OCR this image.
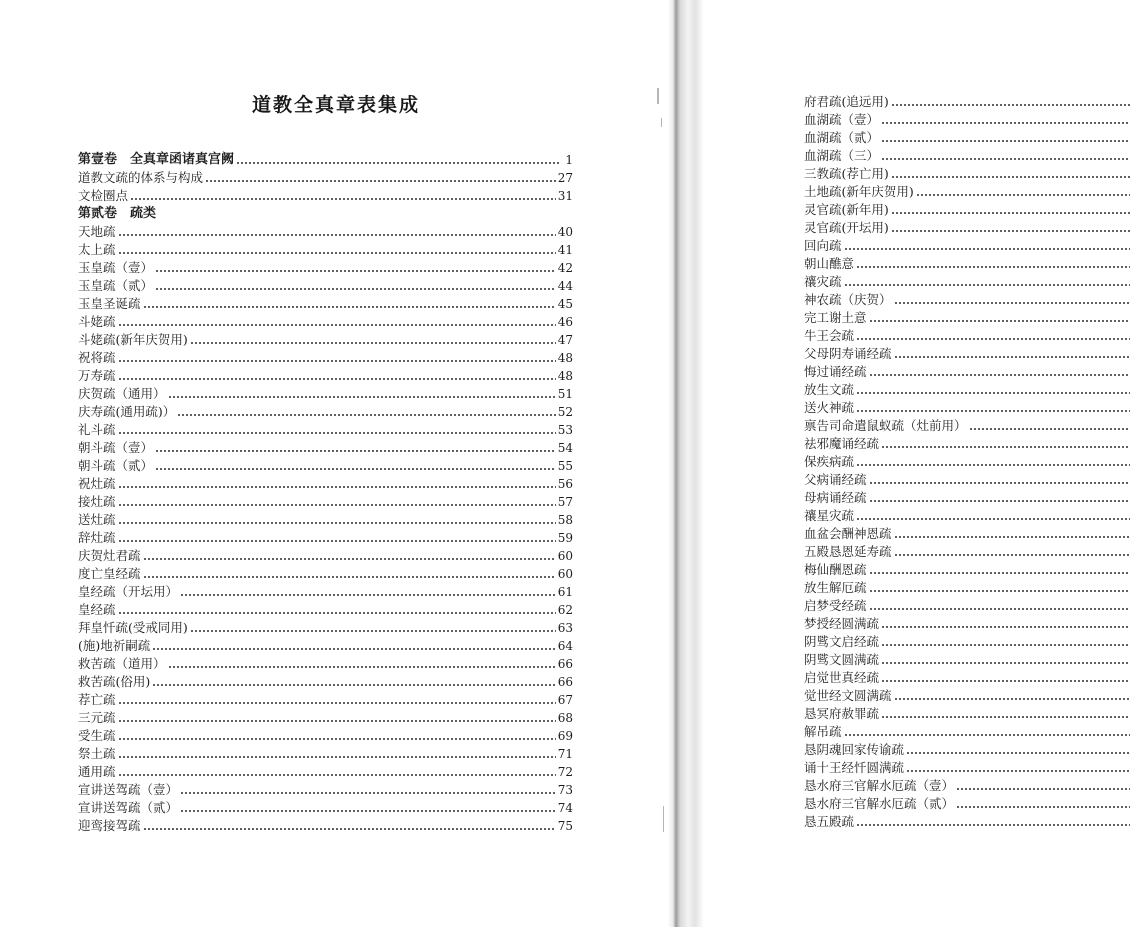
道教全真章表集成
第壹卷　全真章函诸真宫阙	1
道教文疏的体系与构成	27
文检圈点	31
第贰卷　疏类
天地疏	40
太上疏	41
玉皇疏（壹）	42
玉皇疏（贰）	44
玉皇圣诞疏	45
斗姥疏	46
斗姥疏(新年庆贺用)	47
祝将疏	48
万寿疏	48
庆贺疏（通用）	51
庆寿疏(通用疏)）	52
礼斗疏	53
朝斗疏（壹）	54
朝斗疏（贰）	55
祝灶疏	56
接灶疏	57
送灶疏	58
辞灶疏	59
庆贺灶君疏	60
度亡皇经疏	60
皇经疏（开坛用）	61
皇经疏	62
拜皇忏疏(受戒同用)	63
(施)地祈嗣疏	64
救苦疏（道用）	66
救苦疏(俗用)	66
荐亡疏	67
三元疏	68
受生疏	69
祭土疏	71
通用疏	72
宣讲送驾疏（壹）	73
宣讲送驾疏（贰）	74
迎鸾接驾疏	75
府君疏(追远用)
血湖疏（壹）
血湖疏（贰）
血湖疏（三）
三教疏(荐亡用)
土地疏(新年庆贺用)
灵官疏(新年用)
灵官疏(开坛用)
回向疏
朝山醮意
禳灾疏
神农疏（庆贺）
完工谢土意
牛王会疏
父母阴寿诵经疏
悔过诵经疏
放生文疏
送火神疏
禀告司命遣鼠蚁疏（灶前用）
祛邪魔诵经疏
保疾病疏
父病诵经疏
母病诵经疏
禳星灾疏
血盆会酬神恩疏
五殿恳恩延寿疏
梅仙酬恩疏
放生解厄疏
启梦受经疏
梦授经圆满疏
阴骘文启经疏
阴骘文圆满疏
启觉世真经疏
觉世经文圆满疏
恳冥府赦罪疏
解吊疏
恳阴魂回家传谕疏
诵十王经忏圆满疏
恳水府三官解水厄疏（壹）
恳水府三官解水厄疏（贰）
恳五殿疏
